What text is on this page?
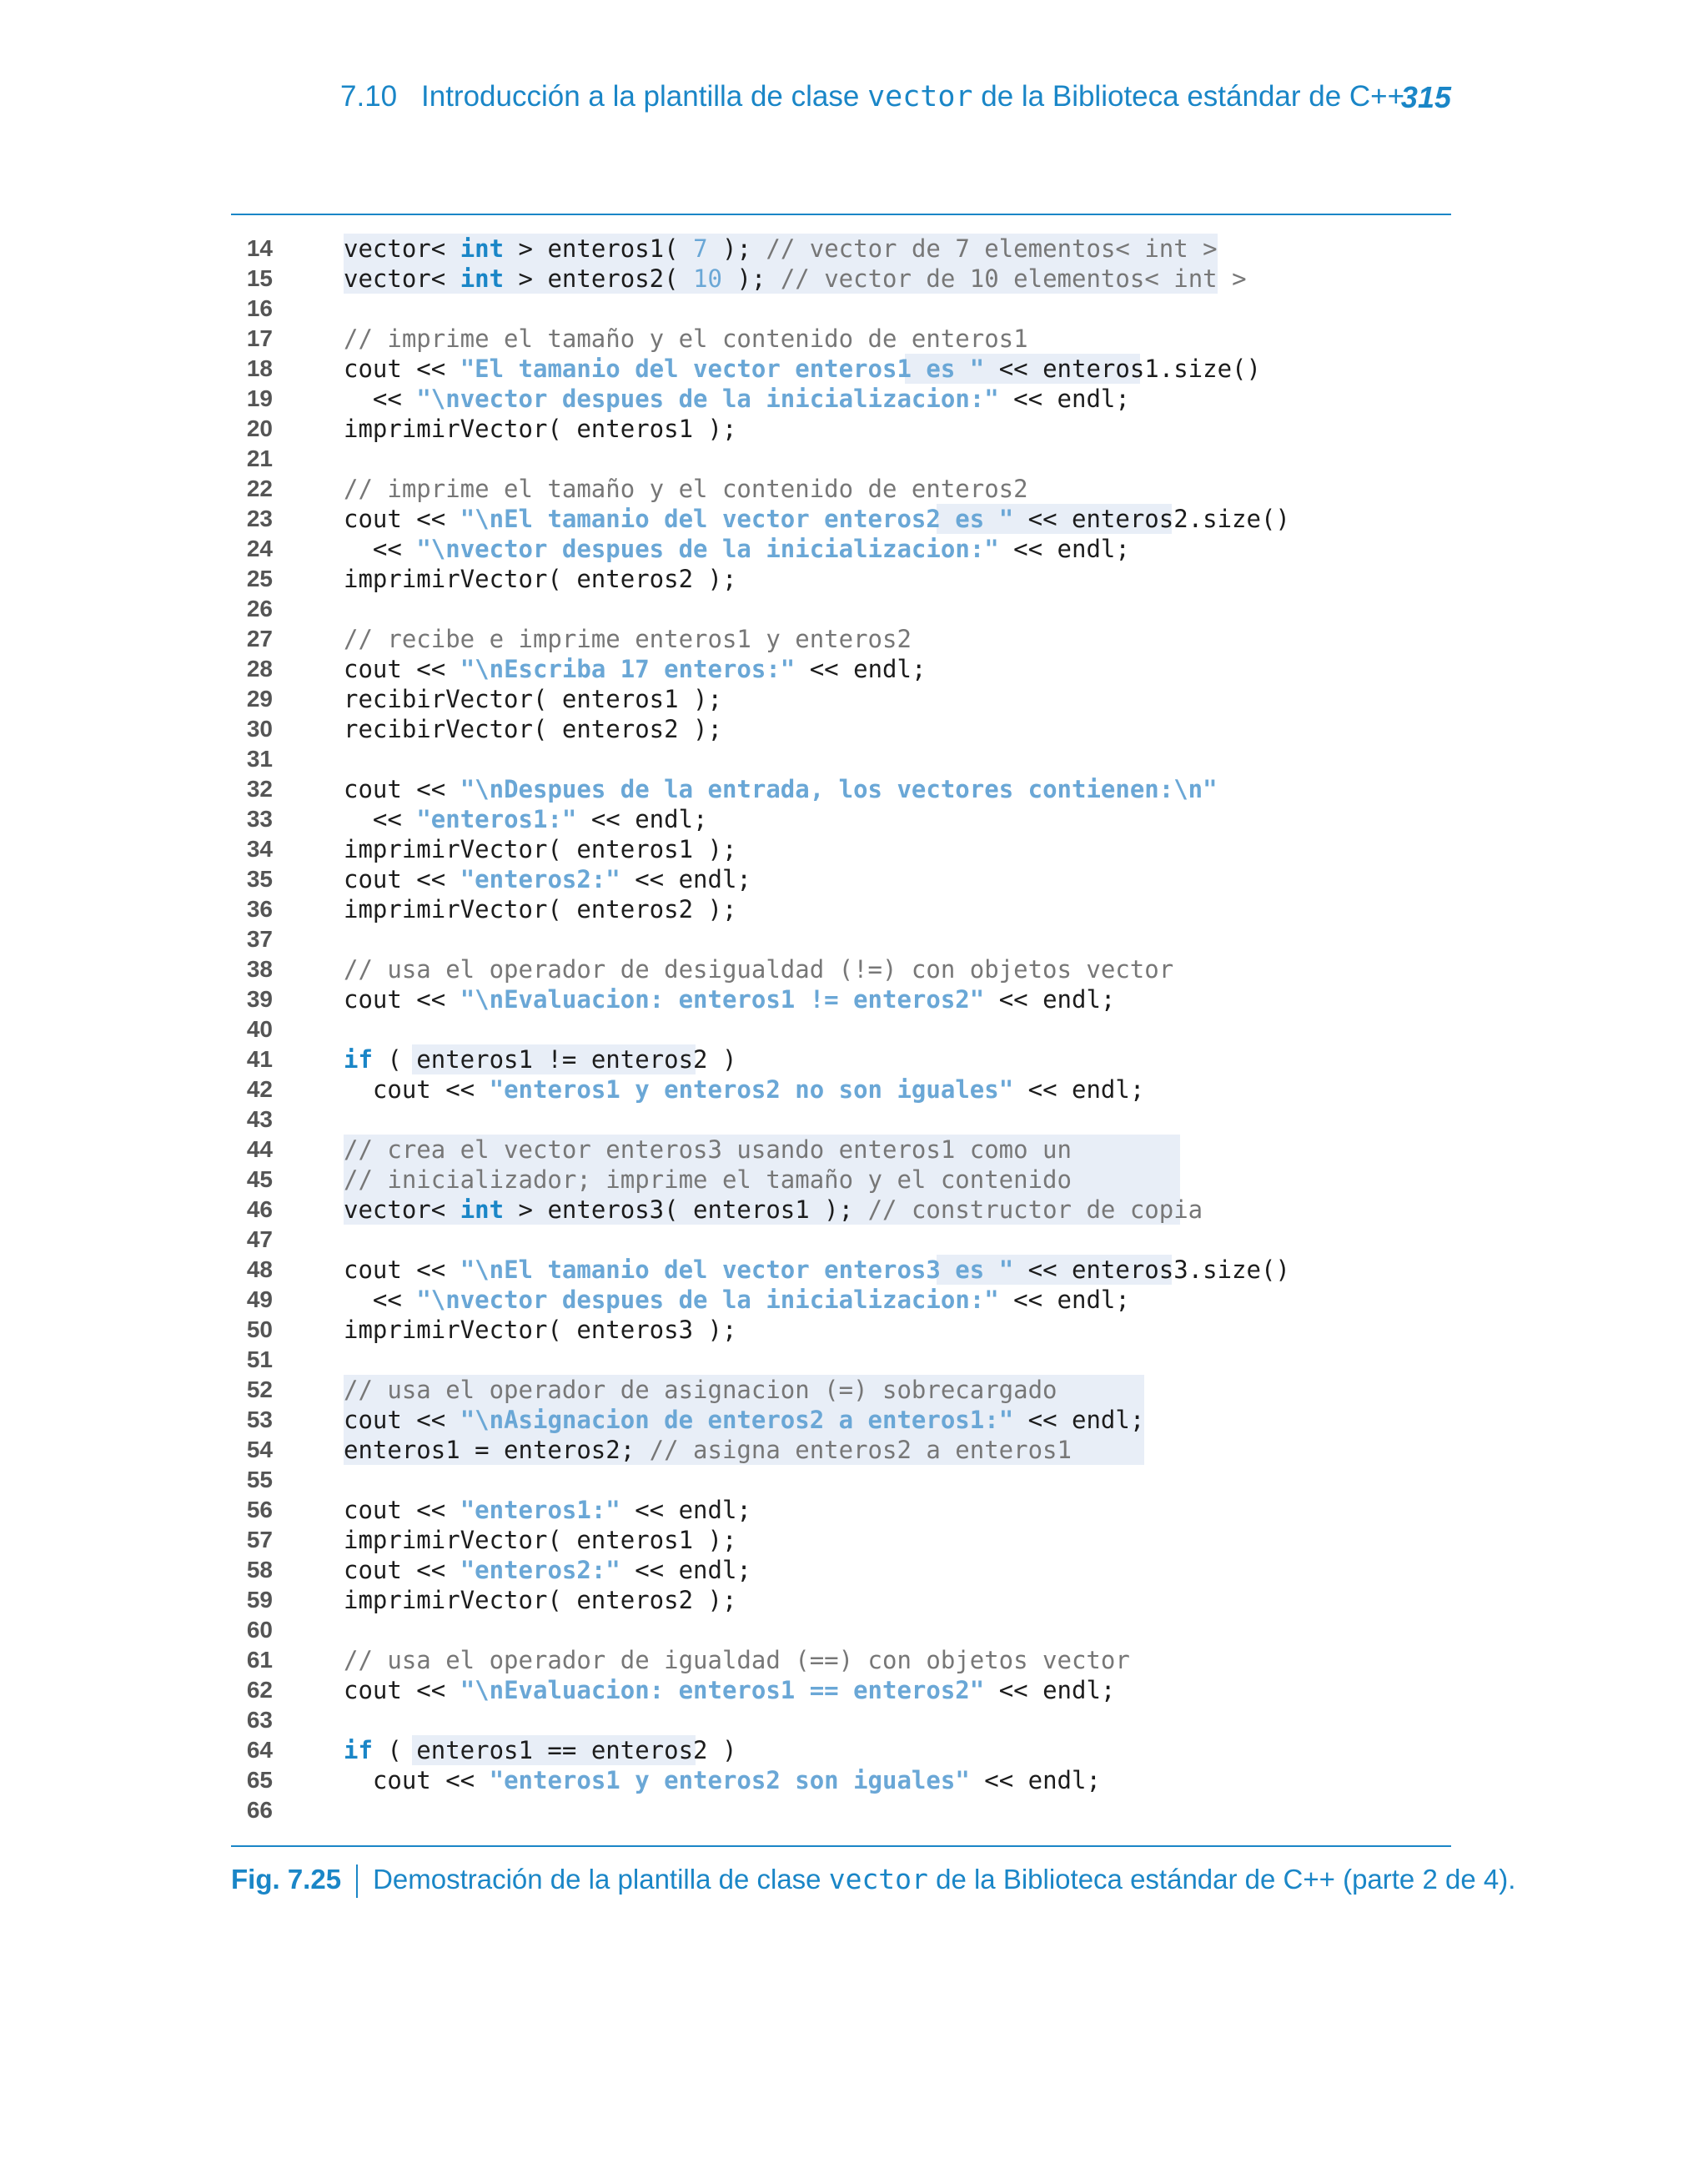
7.10 Introducción a la plantilla de clase vector de la Biblioteca estándar de C++
315
14	vector< int > enteros1( 7 ); // vector de 7 elementos< int >
15	vector< int > enteros2( 10 ); // vector de 10 elementos< int >
16
17	// imprime el tamaño y el contenido de enteros1
18	cout << "El tamanio del vector enteros1 es " << enteros1.size()
19	<< "\nvector despues de la inicializacion:" << endl;
20	imprimirVector( enteros1 );
21
22	// imprime el tamaño y el contenido de enteros2
23	cout << "\nEl tamanio del vector enteros2 es " << enteros2.size()
24	<< "\nvector despues de la inicializacion:" << endl;
25	imprimirVector( enteros2 );
26
27	// recibe e imprime enteros1 y enteros2
28	cout << "\nEscriba 17 enteros:" << endl;
29	recibirVector( enteros1 );
30	recibirVector( enteros2 );
31
32	cout << "\nDespues de la entrada, los vectores contienen:\n"
33	<< "enteros1:" << endl;
34	imprimirVector( enteros1 );
35	cout << "enteros2:" << endl;
36	imprimirVector( enteros2 );
37
38	// usa el operador de desigualdad (!=) con objetos vector
39	cout << "\nEvaluacion: enteros1 != enteros2" << endl;
40
41	if ( enteros1 != enteros2 )
42	cout << "enteros1 y enteros2 no son iguales" << endl;
43
44	// crea el vector enteros3 usando enteros1 como un
45	// inicializador; imprime el tamaño y el contenido
46	vector< int > enteros3( enteros1 ); // constructor de copia
47
48	cout << "\nEl tamanio del vector enteros3 es " << enteros3.size()
49	<< "\nvector despues de la inicializacion:" << endl;
50	imprimirVector( enteros3 );
51
52	// usa el operador de asignacion (=) sobrecargado
53	cout << "\nAsignacion de enteros2 a enteros1:" << endl;
54	enteros1 = enteros2; // asigna enteros2 a enteros1
55
56	cout << "enteros1:" << endl;
57	imprimirVector( enteros1 );
58	cout << "enteros2:" << endl;
59	imprimirVector( enteros2 );
60
61	// usa el operador de igualdad (==) con objetos vector
62	cout << "\nEvaluacion: enteros1 == enteros2" << endl;
63
64	if ( enteros1 == enteros2 )
65	cout << "enteros1 y enteros2 son iguales" << endl;
66
Fig. 7.25 Demostración de la plantilla de clase vector de la Biblioteca estándar de C++ (parte 2 de 4).
